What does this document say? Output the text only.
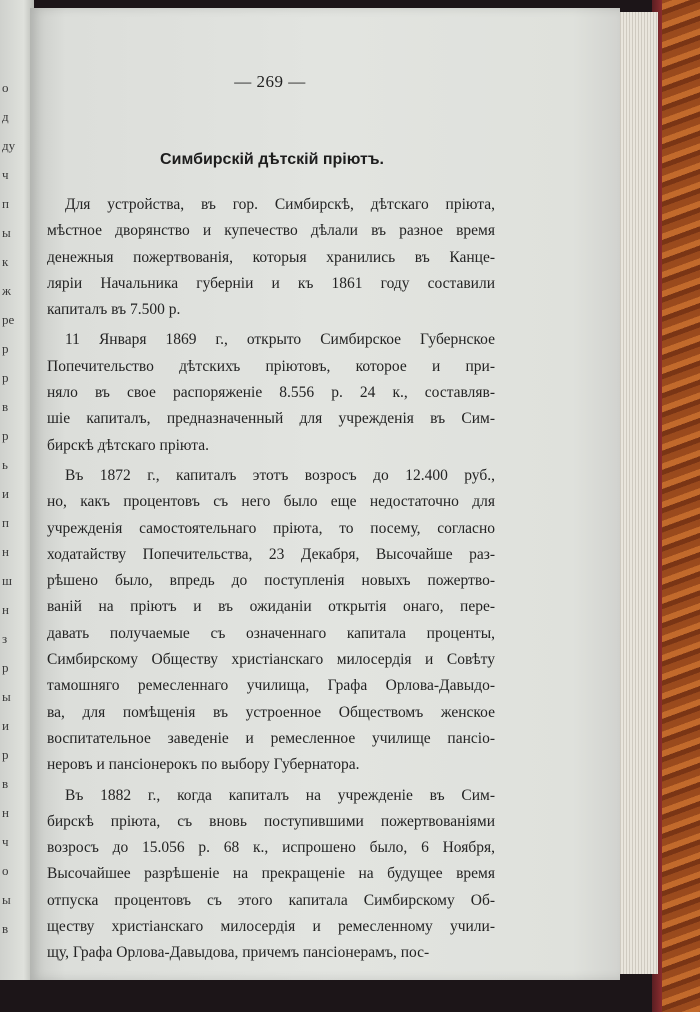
о
д
ду
ч
п
ы
к
ж
ре
р
р
в
р
ь
и
п
н
ш
н
з
р
ы
и
р
в
н
ч
о
ы
в
— 269 —
Симбирскій дѣтскій пріютъ.
Для устройства, въ гор. Симбирскѣ, дѣтскаго пріюта,
мѣстное дворянство и купечество дѣлали въ разное время
денежныя пожертвованія, которыя хранились въ Канце-
ляріи Начальника губерніи и къ 1861 году составили
капиталъ въ 7.500 р.
11 Января 1869 г., открыто Симбирское Губернское
Попечительство дѣтскихъ пріютовъ, которое и при-
няло въ свое распоряженіе 8.556 р. 24 к., составляв-
шіе капиталъ, предназначенный для учрежденія въ Сим-
бирскѣ дѣтскаго пріюта.
Въ 1872 г., капиталъ этотъ возросъ до 12.400 руб.,
но, какъ процентовъ съ него было еще недостаточно для
учрежденія самостоятельнаго пріюта, то посему, согласно
ходатайству Попечительства, 23 Декабря, Высочайше раз-
рѣшено было, впредь до поступленія новыхъ пожертво-
ваній на пріютъ и въ ожиданіи открытія онаго, пере-
давать получаемые съ означеннаго капитала проценты,
Симбирскому Обществу христіанскаго милосердія и Совѣту
тамошняго ремесленнаго училища, Графа Орлова-Давыдо-
ва, для помѣщенія въ устроенное Обществомъ женское
воспитательное заведеніе и ремесленное училище пансіо-
неровъ и пансіонерокъ по выбору Губернатора.
Въ 1882 г., когда капиталъ на учрежденіе въ Сим-
бирскѣ пріюта, съ вновь поступившими пожертвованіями
возросъ до 15.056 р. 68 к., испрошено было, 6 Ноября,
Высочайшее разрѣшеніе на прекращеніе на будущее время
отпуска процентовъ съ этого капитала Симбирскому Об-
ществу христіанскаго милосердія и ремесленному учили-
щу, Графа Орлова-Давыдова, причемъ пансіонерамъ, пос-
